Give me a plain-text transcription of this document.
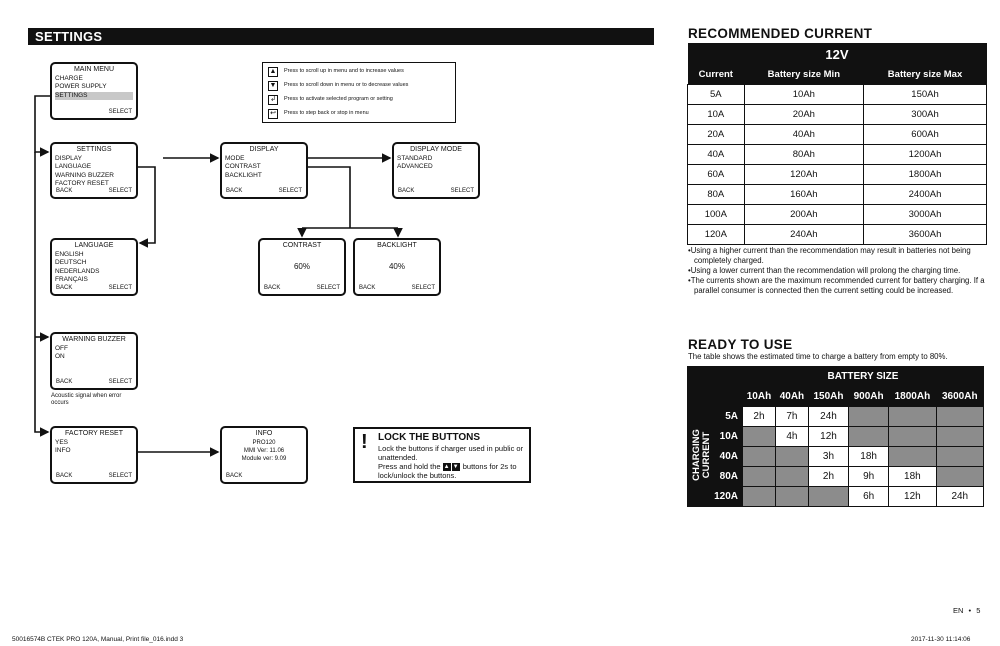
SETTINGS
▲ Press to scroll up in menu and to increase values
▼ Press to scroll down in menu or to decrease values
↲	Press to activate selected program or setting
↩	Press to step back or stop in menu
MAIN MENU
CHARGE
POWER SUPPLY
SETTINGS
SELECT
SETTINGS
DISPLAY
LANGUAGE
WARNING BUZZER
FACTORY RESET
BACK	SELECT
DISPLAY
MODE
CONTRAST
BACKLIGHT
BACK	SELECT
DISPLAY MODE
STANDARD
ADVANCED
BACK	SELECT
CONTRAST
60%
BACK	SELECT
BACKLIGHT
40%
BACK	SELECT
LANGUAGE
ENGLISH
DEUTSCH
NEDERLANDS
FRANÇAIS
BACK	SELECT
WARNING BUZZER
OFF
ON
BACK	SELECT
Acoustic signal when error
occurs
FACTORY RESET
YES
INFO
BACK	SELECT
INFO
PRO120
MMI Ver: 11.06
Module ver: 9.09
BACK
! LOCK THE BUTTONS
Lock the buttons if charger used in public or unattended.
Press and hold the ▲ ▼ buttons for 2s to lock/unlock the buttons.
RECOMMENDED CURRENT
12V		
Current	Battery size Min	Battery size Max
5A	10Ah	150Ah
10A	20Ah	300Ah
20A	40Ah	600Ah
40A	80Ah	1200Ah
60A	120Ah	1800Ah
80A	160Ah	2400Ah
100A	200Ah	3000Ah
120A	240Ah	3600Ah
•Using a higher current than the recommendation may result in batteries not being completely charged.
•Using a lower current than the recommendation will prolong the charging time.
•The currents shown are the maximum recommended current for battery charging. If a parallel consumer is connected then the current setting could be increased.
READY TO USE
The table shows the estimated time to charge a battery from empty to 80%.
	BATTERY SIZE					
	10Ah	40Ah	150Ah	900Ah	1800Ah	3600Ah
5A	2h	7h	24h			
10A		4h	12h			
40A			3h	18h		
80A			2h	9h	18h	
120A				6h	12h	24h
CHARGING
CURRENT
EN • 5
50016574B CTEK PRO 120A, Manual, Print file_016.indd 3	2017-11-30 11:14:06
